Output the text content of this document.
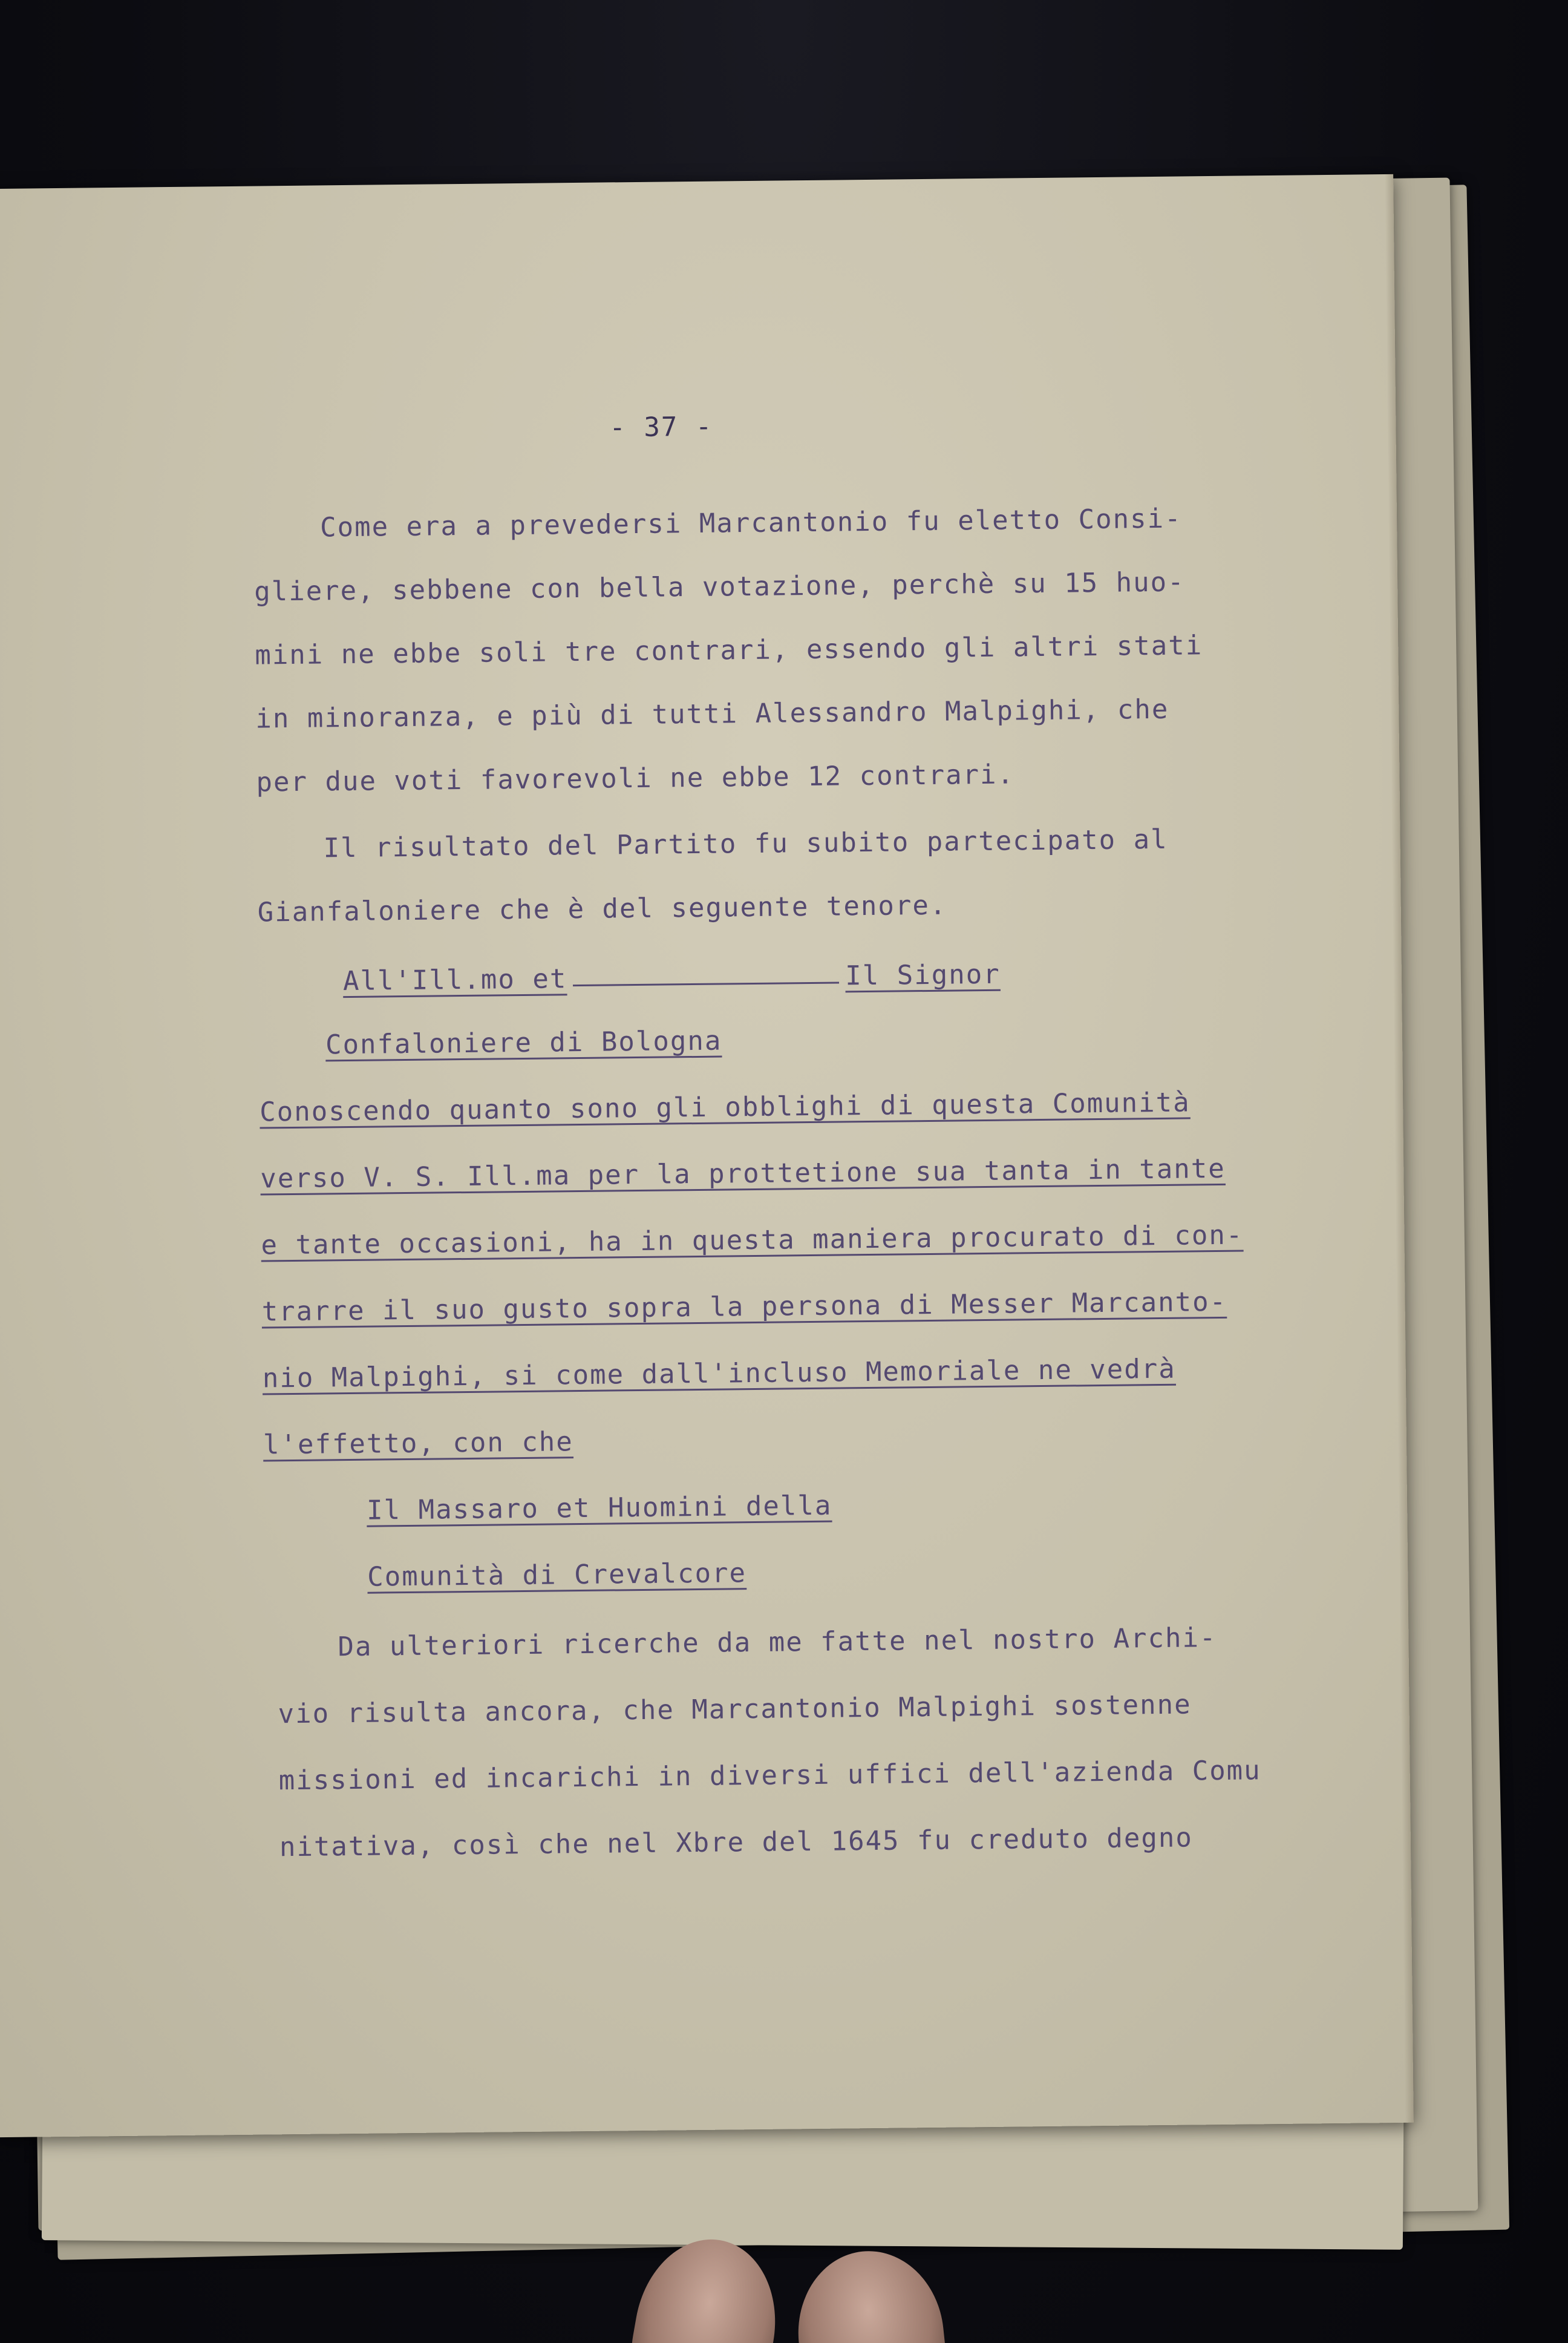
- 37 -
Come era a prevedersi Marcantonio fu eletto Consi-
gliere, sebbene con bella votazione, perchè su 15 huo-
mini ne ebbe soli tre contrari, essendo gli altri stati
in minoranza, e più di tutti Alessandro Malpighi, che
per due voti favorevoli ne ebbe 12 contrari.
Il risultato del Partito fu subito partecipato al
Gianfaloniere che è del seguente tenore.
All'Ill.mo et	Il Signor
Confaloniere di Bologna
Conoscendo quanto sono gli obblighi di questa Comunità
verso V. S. Ill.ma per la prottetione sua tanta in tante
e tante occasioni, ha in questa maniera procurato di con-
trarre il suo gusto sopra la persona di Messer Marcanto-
nio Malpighi, si come dall'incluso Memoriale ne vedrà
l'effetto, con che
Il Massaro et Huomini della
Comunità di Crevalcore
Da ulteriori ricerche da me fatte nel nostro Archi-
vio risulta ancora, che Marcantonio Malpighi sostenne
missioni ed incarichi in diversi uffici dell'azienda Comu
nitativa, così che nel Xbre del 1645 fu creduto degno
